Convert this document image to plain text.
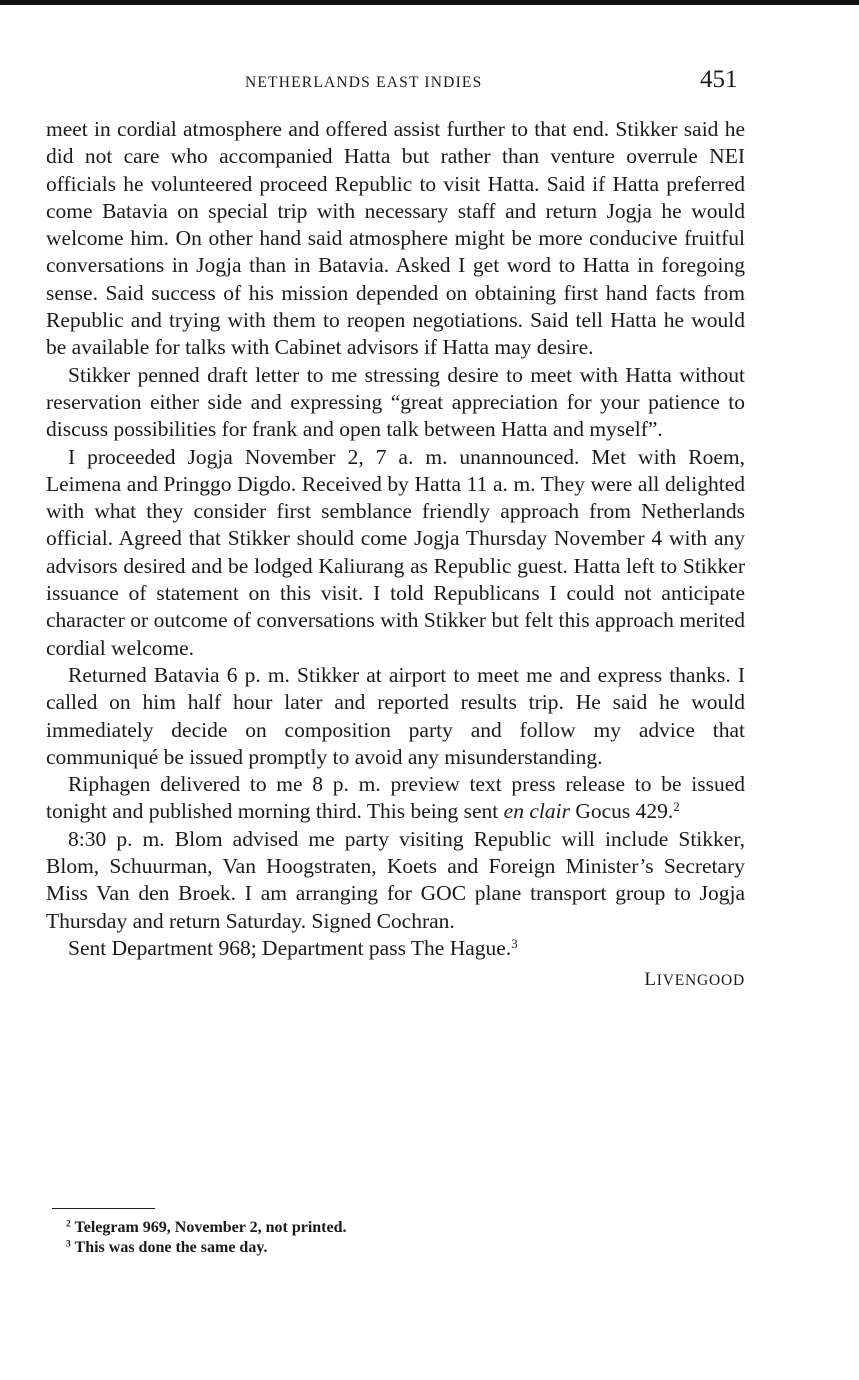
NETHERLANDS EAST INDIES	451

meet in cordial atmosphere and offered assist further to that end. Stikker said he did not care who accompanied Hatta but rather than venture overrule NEI officials he volunteered proceed Republic to visit Hatta. Said if Hatta preferred come Batavia on special trip with necessary staff and return Jogja he would welcome him. On other hand said atmosphere might be more conducive fruitful conversations in Jogja than in Batavia. Asked I get word to Hatta in foregoing sense. Said success of his mission depended on obtaining first hand facts from Republic and trying with them to reopen negotiations. Said tell Hatta he would be available for talks with Cabinet advisors if Hatta may desire.

Stikker penned draft letter to me stressing desire to meet with Hatta without reservation either side and expressing “great appreciation for your patience to discuss possibilities for frank and open talk between Hatta and myself”.

I proceeded Jogja November 2, 7 a. m. unannounced. Met with Roem, Leimena and Pringgo Digdo. Received by Hatta 11 a. m. They were all delighted with what they consider first semblance friendly approach from Netherlands official. Agreed that Stikker should come Jogja Thursday November 4 with any advisors desired and be lodged Kaliurang as Republic guest. Hatta left to Stikker issuance of statement on this visit. I told Republicans I could not anticipate character or outcome of conversations with Stikker but felt this approach merited cordial welcome.

Returned Batavia 6 p. m. Stikker at airport to meet me and express thanks. I called on him half hour later and reported results trip. He said he would immediately decide on composition party and follow my advice that communiqué be issued promptly to avoid any misunderstanding.

Riphagen delivered to me 8 p. m. preview text press release to be issued tonight and published morning third. This being sent en clair Gocus 429.$^2$

8:30 p. m. Blom advised me party visiting Republic will include Stikker, Blom, Schuurman, Van Hoogstraten, Koets and Foreign Minister’s Secretary Miss Van den Broek. I am arranging for GOC plane transport group to Jogja Thursday and return Saturday. Signed Cochran.

Sent Department 968; Department pass The Hague.$^3$

LIVENGOOD

$^2$ Telegram 969, November 2, not printed.

$^3$ This was done the same day.
